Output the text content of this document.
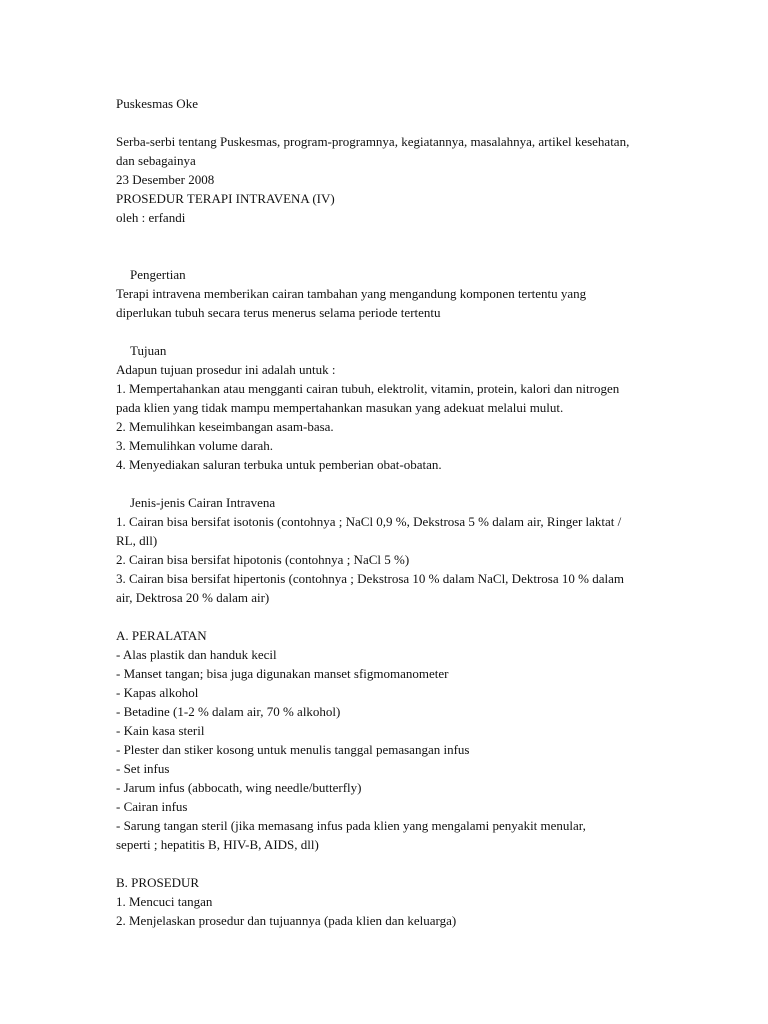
Puskesmas Oke
Serba-serbi tentang Puskesmas, program-programnya, kegiatannya, masalahnya, artikel kesehatan,
dan sebagainya
23 Desember 2008
PROSEDUR TERAPI INTRAVENA (IV)
oleh : erfandi
Pengertian
Terapi intravena memberikan cairan tambahan yang mengandung komponen tertentu yang
diperlukan tubuh secara terus menerus selama periode tertentu
Tujuan
Adapun tujuan prosedur ini adalah untuk :
1. Mempertahankan atau mengganti cairan tubuh, elektrolit, vitamin, protein, kalori dan nitrogen
pada klien yang tidak mampu mempertahankan masukan yang adekuat melalui mulut.
2. Memulihkan keseimbangan asam-basa.
3. Memulihkan volume darah.
4. Menyediakan saluran terbuka untuk pemberian obat-obatan.
Jenis-jenis Cairan Intravena
1. Cairan bisa bersifat isotonis (contohnya ; NaCl 0,9 %, Dekstrosa 5 % dalam air, Ringer laktat /
RL, dll)
2. Cairan bisa bersifat hipotonis (contohnya ; NaCl 5 %)
3. Cairan bisa bersifat hipertonis (contohnya ; Dekstrosa 10 % dalam NaCl, Dektrosa 10 % dalam
air, Dektrosa 20 % dalam air)
A. PERALATAN
- Alas plastik dan handuk kecil
- Manset tangan; bisa juga digunakan manset sfigmomanometer
- Kapas alkohol
- Betadine (1-2 % dalam air, 70 % alkohol)
- Kain kasa steril
- Plester dan stiker kosong untuk menulis tanggal pemasangan infus
- Set infus
- Jarum infus (abbocath, wing needle/butterfly)
- Cairan infus
- Sarung tangan steril (jika memasang infus pada klien yang mengalami penyakit menular,
seperti ; hepatitis B, HIV-B, AIDS, dll)
B. PROSEDUR
1. Mencuci tangan
2. Menjelaskan prosedur dan tujuannya (pada klien dan keluarga)
